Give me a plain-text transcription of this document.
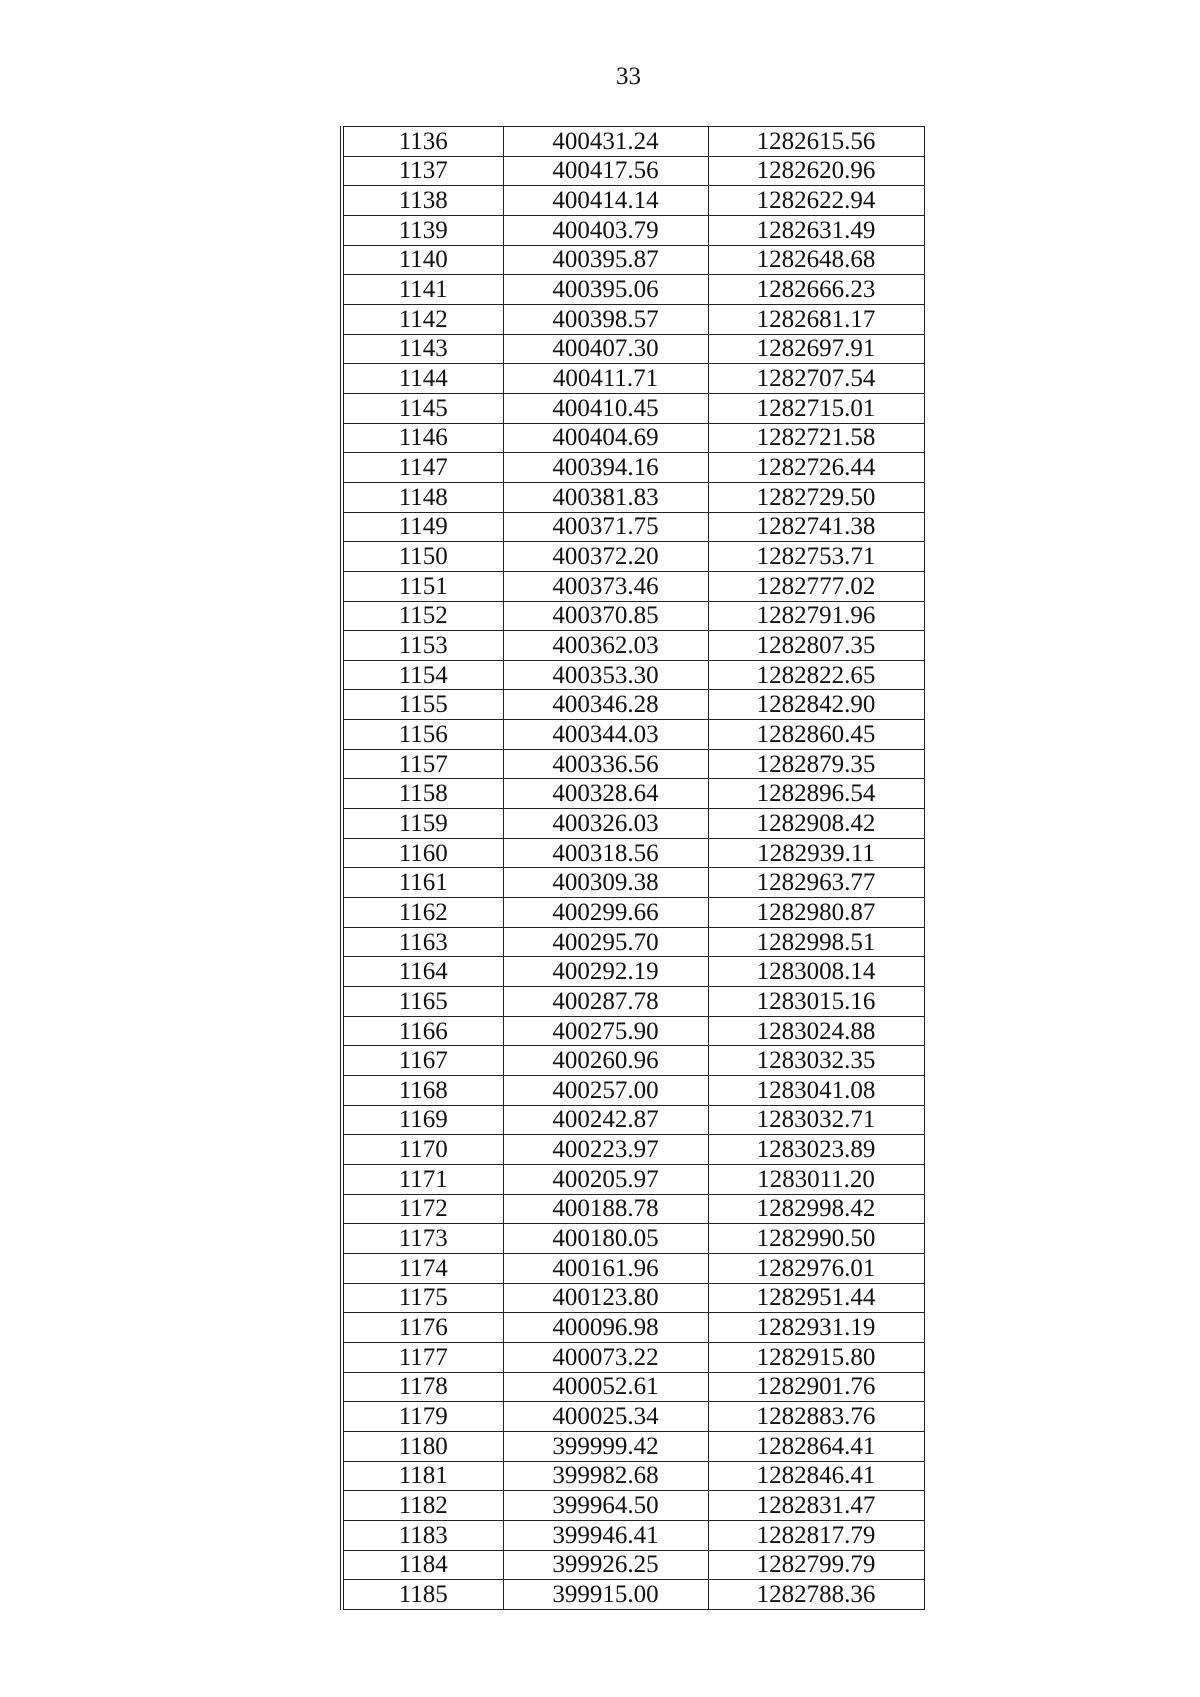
33
1136	400431.24	1282615.56
1137	400417.56	1282620.96
1138	400414.14	1282622.94
1139	400403.79	1282631.49
1140	400395.87	1282648.68
1141	400395.06	1282666.23
1142	400398.57	1282681.17
1143	400407.30	1282697.91
1144	400411.71	1282707.54
1145	400410.45	1282715.01
1146	400404.69	1282721.58
1147	400394.16	1282726.44
1148	400381.83	1282729.50
1149	400371.75	1282741.38
1150	400372.20	1282753.71
1151	400373.46	1282777.02
1152	400370.85	1282791.96
1153	400362.03	1282807.35
1154	400353.30	1282822.65
1155	400346.28	1282842.90
1156	400344.03	1282860.45
1157	400336.56	1282879.35
1158	400328.64	1282896.54
1159	400326.03	1282908.42
1160	400318.56	1282939.11
1161	400309.38	1282963.77
1162	400299.66	1282980.87
1163	400295.70	1282998.51
1164	400292.19	1283008.14
1165	400287.78	1283015.16
1166	400275.90	1283024.88
1167	400260.96	1283032.35
1168	400257.00	1283041.08
1169	400242.87	1283032.71
1170	400223.97	1283023.89
1171	400205.97	1283011.20
1172	400188.78	1282998.42
1173	400180.05	1282990.50
1174	400161.96	1282976.01
1175	400123.80	1282951.44
1176	400096.98	1282931.19
1177	400073.22	1282915.80
1178	400052.61	1282901.76
1179	400025.34	1282883.76
1180	399999.42	1282864.41
1181	399982.68	1282846.41
1182	399964.50	1282831.47
1183	399946.41	1282817.79
1184	399926.25	1282799.79
1185	399915.00	1282788.36
